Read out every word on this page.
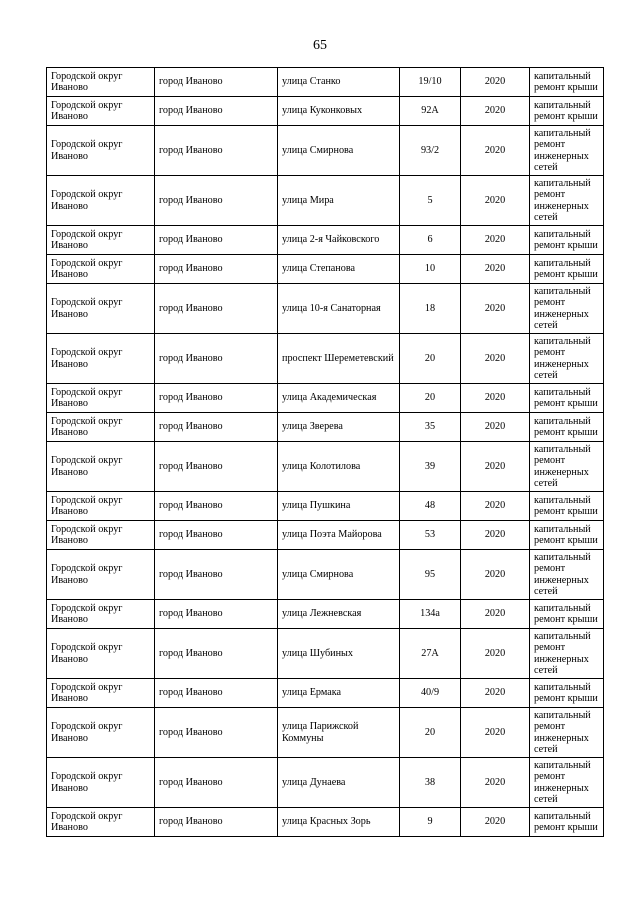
65
Городской округ Иваново	город Иваново	улица Станко	19/10	2020	капитальный ремонт крыши
Городской округ Иваново	город Иваново	улица Куконковых	92А	2020	капитальный ремонт крыши
Городской округ Иваново	город Иваново	улица Смирнова	93/2	2020	капитальный ремонт инженерных сетей
Городской округ Иваново	город Иваново	улица Мира	5	2020	капитальный ремонт инженерных сетей
Городской округ Иваново	город Иваново	улица 2-я Чайковского	6	2020	капитальный ремонт крыши
Городской округ Иваново	город Иваново	улица Степанова	10	2020	капитальный ремонт крыши
Городской округ Иваново	город Иваново	улица 10-я Санаторная	18	2020	капитальный ремонт инженерных сетей
Городской округ Иваново	город Иваново	проспект Шереметевский	20	2020	капитальный ремонт инженерных сетей
Городской округ Иваново	город Иваново	улица Академическая	20	2020	капитальный ремонт крыши
Городской округ Иваново	город Иваново	улица Зверева	35	2020	капитальный ремонт крыши
Городской округ Иваново	город Иваново	улица Колотилова	39	2020	капитальный ремонт инженерных сетей
Городской округ Иваново	город Иваново	улица Пушкина	48	2020	капитальный ремонт крыши
Городской округ Иваново	город Иваново	улица Поэта Майорова	53	2020	капитальный ремонт крыши
Городской округ Иваново	город Иваново	улица Смирнова	95	2020	капитальный ремонт инженерных сетей
Городской округ Иваново	город Иваново	улица Лежневская	134а	2020	капитальный ремонт крыши
Городской округ Иваново	город Иваново	улица Шубиных	27А	2020	капитальный ремонт инженерных сетей
Городской округ Иваново	город Иваново	улица Ермака	40/9	2020	капитальный ремонт крыши
Городской округ Иваново	город Иваново	улица Парижской Коммуны	20	2020	капитальный ремонт инженерных сетей
Городской округ Иваново	город Иваново	улица Дунаева	38	2020	капитальный ремонт инженерных сетей
Городской округ Иваново	город Иваново	улица Красных Зорь	9	2020	капитальный ремонт крыши
